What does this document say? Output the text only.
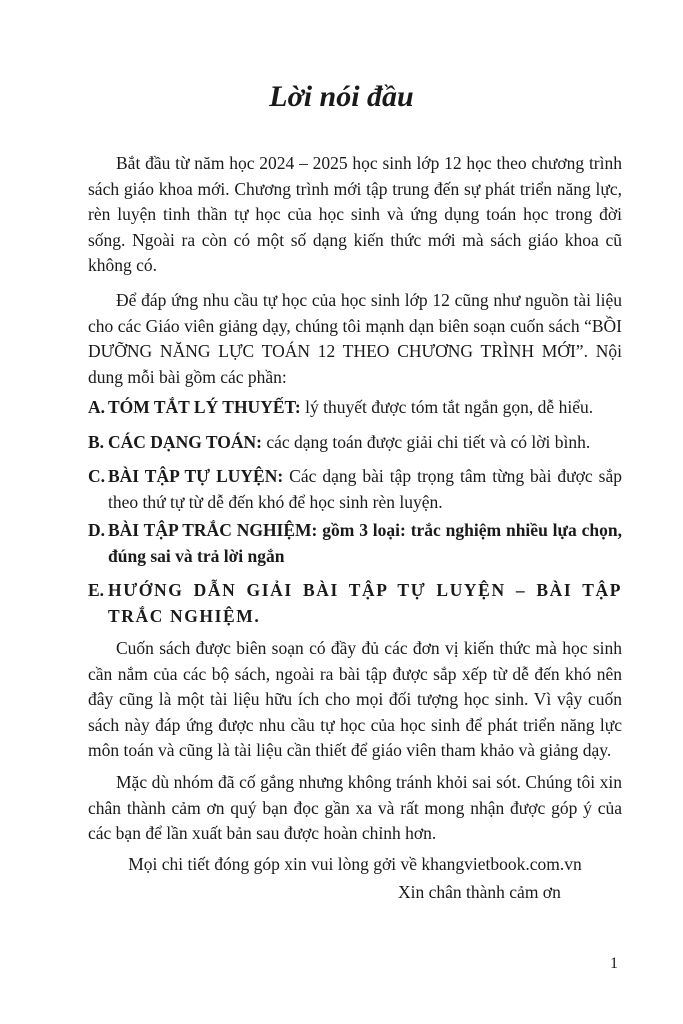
Lời nói đầu

Bắt đầu từ năm học 2024 – 2025 học sinh lớp 12 học theo chương trình sách giáo khoa mới. Chương trình mới tập trung đến sự phát triển năng lực, rèn luyện tinh thần tự học của học sinh và ứng dụng toán học trong đời sống. Ngoài ra còn có một số dạng kiến thức mới mà sách giáo khoa cũ không có.

Để đáp ứng nhu cầu tự học của học sinh lớp 12 cũng như nguồn tài liệu cho các Giáo viên giảng dạy, chúng tôi mạnh dạn biên soạn cuốn sách “BỒI DƯỠNG NĂNG LỰC TOÁN 12 THEO CHƯƠNG TRÌNH MỚI”. Nội dung mỗi bài gồm các phần:

A. TÓM TẮT LÝ THUYẾT: lý thuyết được tóm tắt ngắn gọn, dễ hiểu.
B. CÁC DẠNG TOÁN: các dạng toán được giải chi tiết và có lời bình.
C. BÀI TẬP TỰ LUYỆN: Các dạng bài tập trọng tâm từng bài được sắp theo thứ tự từ dễ đến khó để học sinh rèn luyện.
D. BÀI TẬP TRẮC NGHIỆM: gồm 3 loại: trắc nghiệm nhiều lựa chọn, đúng sai và trả lời ngắn
E. HƯỚNG DẪN GIẢI BÀI TẬP TỰ LUYỆN – BÀI TẬP TRẮC NGHIỆM.

Cuốn sách được biên soạn có đầy đủ các đơn vị kiến thức mà học sinh cần nắm của các bộ sách, ngoài ra bài tập được sắp xếp từ dễ đến khó nên đây cũng là một tài liệu hữu ích cho mọi đối tượng học sinh. Vì vậy cuốn sách này đáp ứng được nhu cầu tự học của học sinh để phát triển năng lực môn toán và cũng là tài liệu cần thiết để giáo viên tham khảo và giảng dạy.

Mặc dù nhóm đã cố gắng nhưng không tránh khỏi sai sót. Chúng tôi xin chân thành cảm ơn quý bạn đọc gần xa và rất mong nhận được góp ý của các bạn để lần xuất bản sau được hoàn chỉnh hơn.

Mọi chi tiết đóng góp xin vui lòng gởi về khangvietbook.com.vn
Xin chân thành cảm ơn
1
